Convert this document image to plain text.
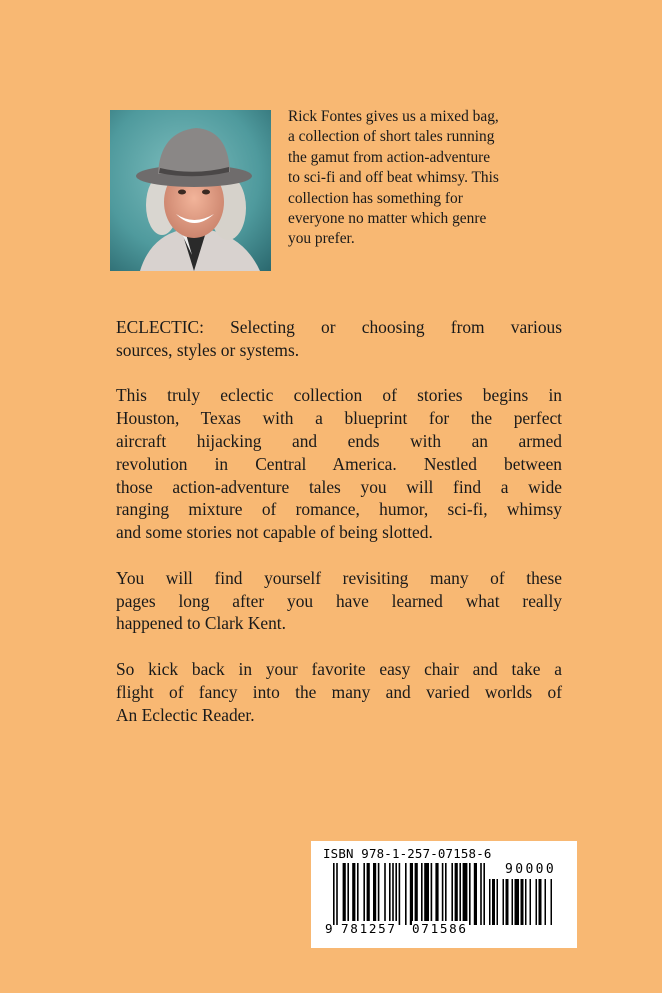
Rick Fontes gives us a mixed bag,
a collection of short tales running
the gamut from action-adventure
to sci-fi and off beat whimsy. This
collection has something for
everyone no matter which genre
you prefer.

ECLECTIC: Selecting or choosing from various
sources, styles or systems.

This truly eclectic collection of stories begins in
Houston, Texas with a blueprint for the perfect
aircraft hijacking and ends with an armed
revolution in Central America. Nestled between
those action-adventure tales you will find a wide
ranging mixture of romance, humor, sci-fi, whimsy
and some stories not capable of being slotted.

You will find yourself revisiting many of these
pages long after you have learned what really
happened to Clark Kent.

So kick back in your favorite easy chair and take a
flight of fancy into the many and varied worlds of
An Eclectic Reader.

ISBN 978-1-257-07158-6
90000
9 781257 071586
